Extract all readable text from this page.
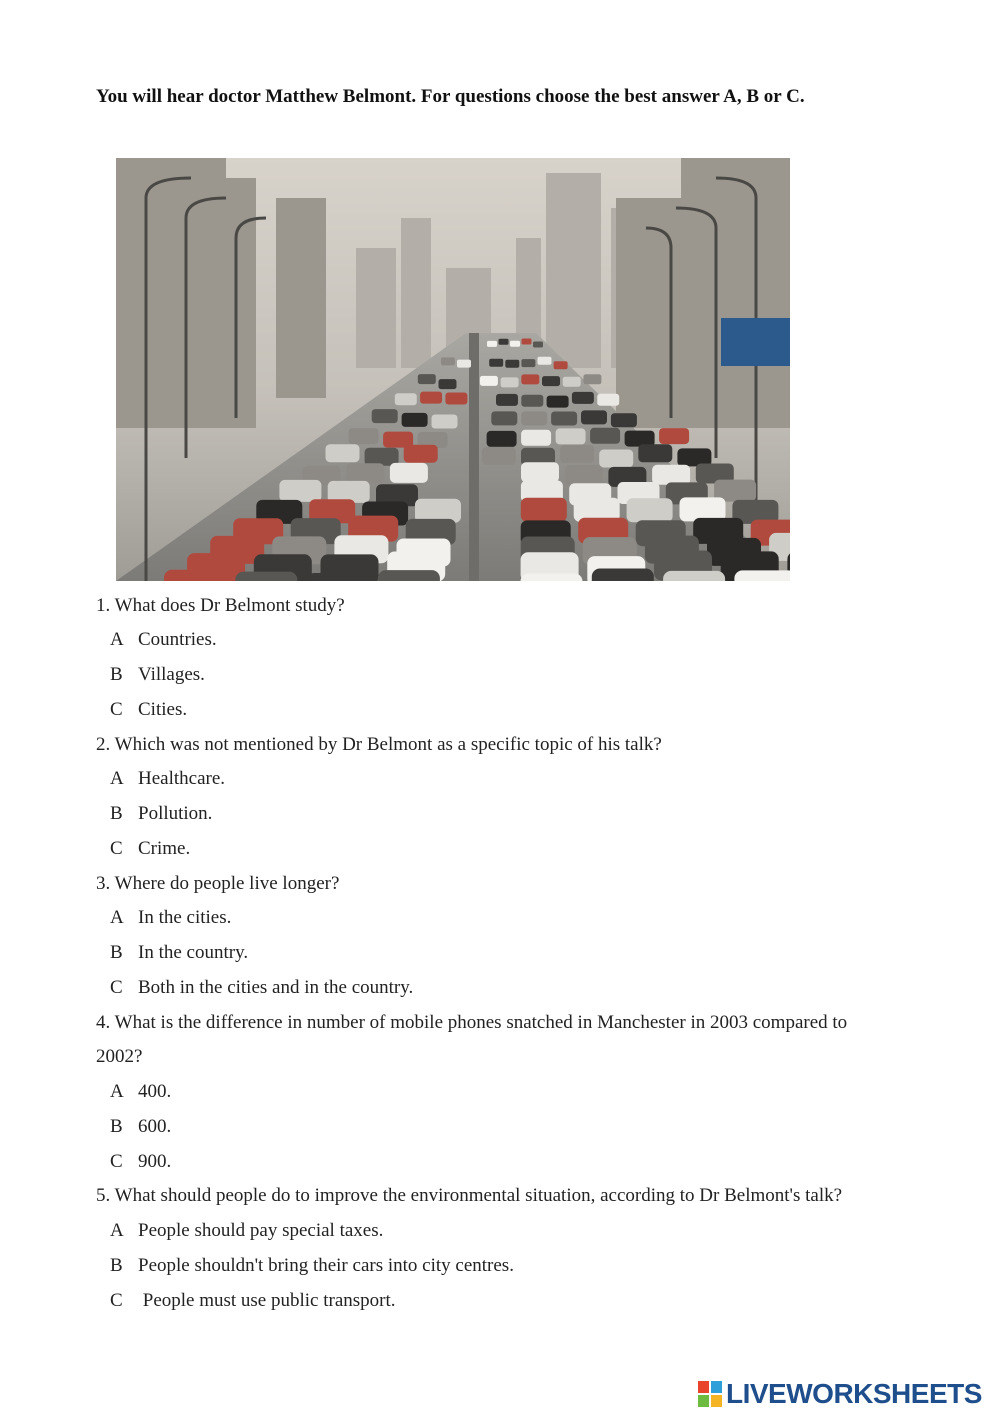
You will hear doctor Matthew Belmont. For questions choose the best answer A, B or C.
1. What does Dr Belmont study?
A Countries.
B Villages.
C Cities.
2. Which was not mentioned by Dr Belmont as a specific topic of his talk?
A Healthcare.
B Pollution.
C Crime.
3. Where do people live longer?
A In the cities.
B In the country.
C Both in the cities and in the country.
4. What is the difference in number of mobile phones snatched in Manchester in 2003 compared to
2002?
A 400.
B 600.
C 900.
5. What should people do to improve the environmental situation, according to Dr Belmont's talk?
A People should pay special taxes.
B People shouldn't bring their cars into city centres.
C People must use public transport.
LIVEWORKSHEETS
